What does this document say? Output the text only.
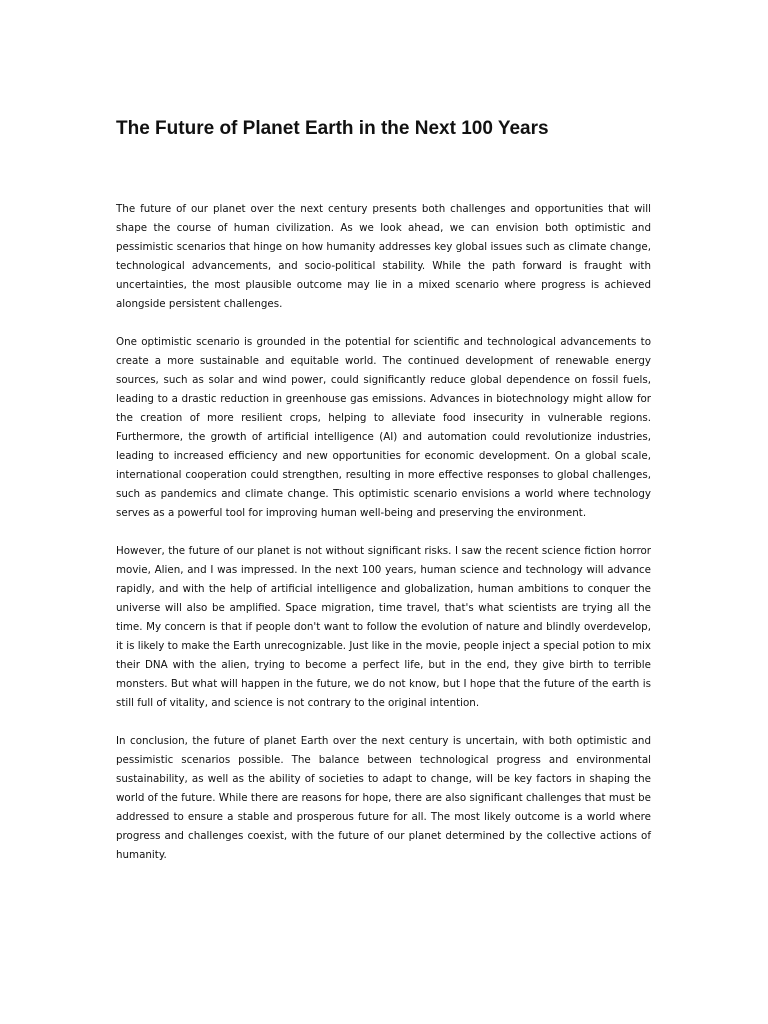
The Future of Planet Earth in the Next 100 Years

The future of our planet over the next century presents both challenges and opportunities that will shape the course of human civilization. As we look ahead, we can envision both optimistic and pessimistic scenarios that hinge on how humanity addresses key global issues such as climate change, technological advancements, and socio-political stability. While the path forward is fraught with uncertainties, the most plausible outcome may lie in a mixed scenario where progress is achieved alongside persistent challenges.

One optimistic scenario is grounded in the potential for scientific and technological advancements to create a more sustainable and equitable world. The continued development of renewable energy sources, such as solar and wind power, could significantly reduce global dependence on fossil fuels, leading to a drastic reduction in greenhouse gas emissions. Advances in biotechnology might allow for the creation of more resilient crops, helping to alleviate food insecurity in vulnerable regions. Furthermore, the growth of artificial intelligence (AI) and automation could revolutionize industries, leading to increased efficiency and new opportunities for economic development. On a global scale, international cooperation could strengthen, resulting in more effective responses to global challenges, such as pandemics and climate change. This optimistic scenario envisions a world where technology serves as a powerful tool for improving human well-being and preserving the environment.

However, the future of our planet is not without significant risks. I saw the recent science fiction horror movie, Alien, and I was impressed. In the next 100 years, human science and technology will advance rapidly, and with the help of artificial intelligence and globalization, human ambitions to conquer the universe will also be amplified. Space migration, time travel, that's what scientists are trying all the time. My concern is that if people don't want to follow the evolution of nature and blindly overdevelop, it is likely to make the Earth unrecognizable. Just like in the movie, people inject a special potion to mix their DNA with the alien, trying to become a perfect life, but in the end, they give birth to terrible monsters. But what will happen in the future, we do not know, but I hope that the future of the earth is still full of vitality, and science is not contrary to the original intention.

In conclusion, the future of planet Earth over the next century is uncertain, with both optimistic and pessimistic scenarios possible. The balance between technological progress and environmental sustainability, as well as the ability of societies to adapt to change, will be key factors in shaping the world of the future. While there are reasons for hope, there are also significant challenges that must be addressed to ensure a stable and prosperous future for all. The most likely outcome is a world where progress and challenges coexist, with the future of our planet determined by the collective actions of humanity.
